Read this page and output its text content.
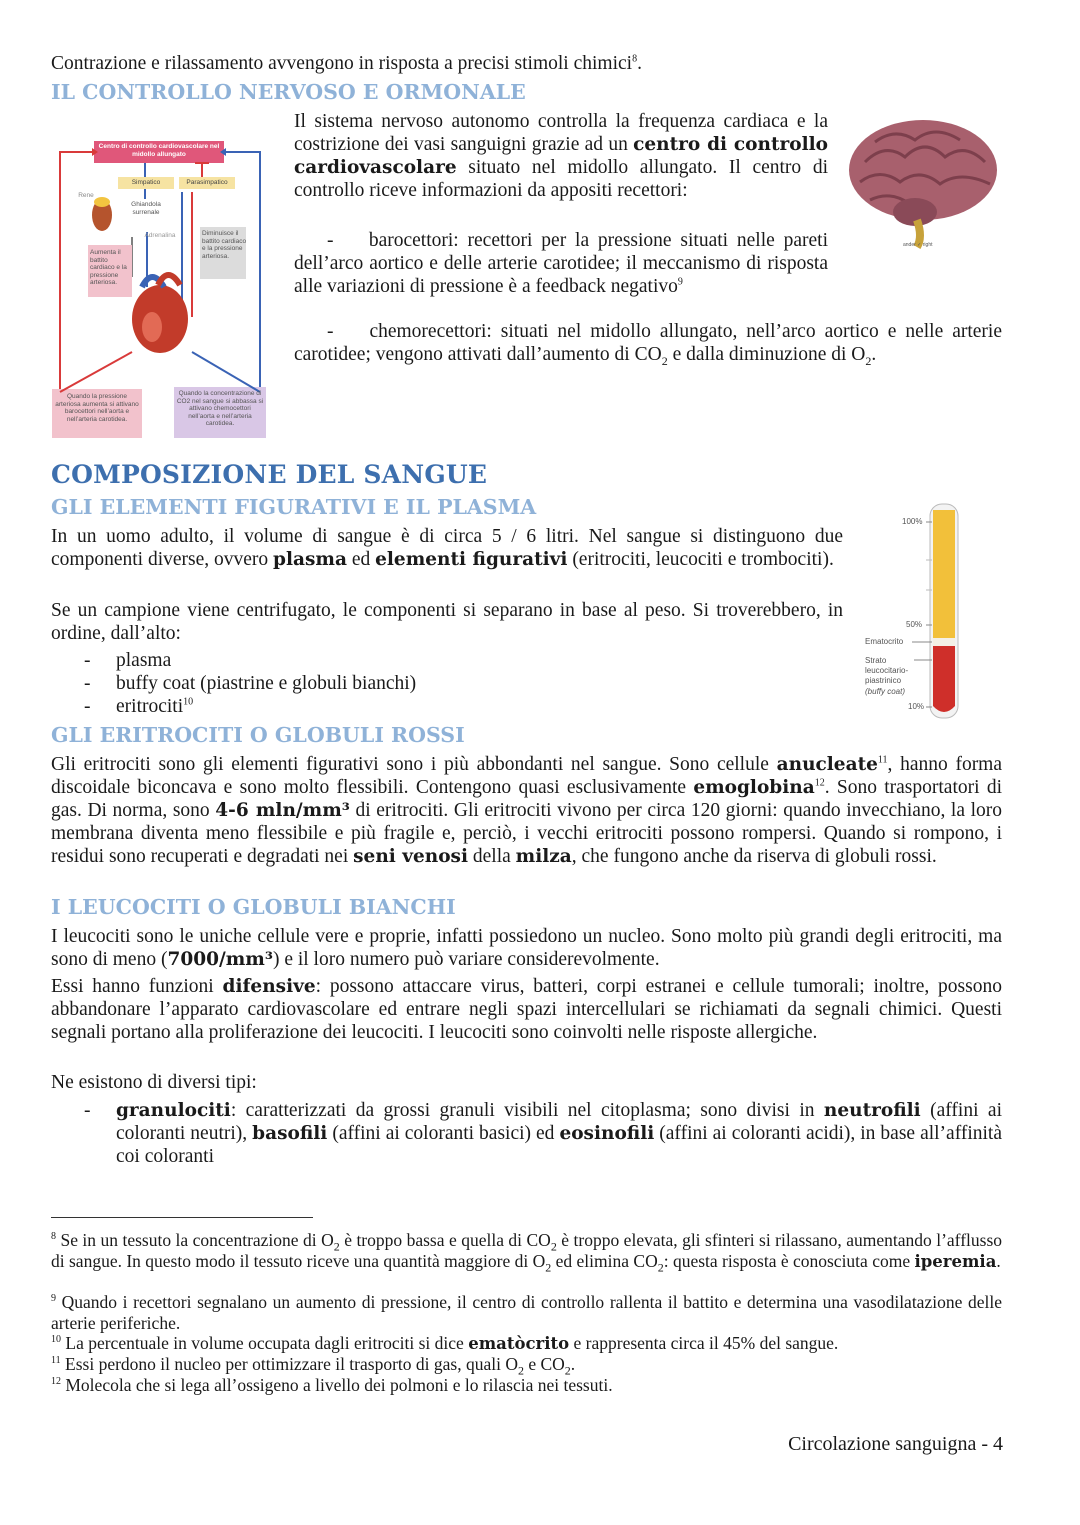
Contrazione e rilassamento avvengono in risposta a precisi stimoli chimici$^8$.
IL CONTROLLO NERVOSO E ORMONALE
Centro di controllo cardiovascolare nel midollo allungato
Simpatico	Parasimpatico
Rene
Ghiandola surrenale
Adrenalina
Aumenta il battito cardiaco e la pressione arteriosa.
Diminuisce il battito cardiaco e la pressione arteriosa.
Quando la pressione arteriosa aumenta si attivano barocettori nell’aorta e nell’arteria carotidea.
Quando la concentrazione di CO2 nel sangue si abbassa si attivano chemocettori nell’aorta e nell’arteria carotidea.
Il sistema nervoso autonomo controlla la frequenza cardiaca e la costrizione dei vasi sanguigni grazie ad un centro di controllo cardiovascolare situato nel midollo allungato. Il centro di controllo riceve informazioni da appositi recettori:
-    barocettori: recettori per la pressione situati nelle pareti dell’arco aortico e delle arterie carotidee; il meccanismo di risposta alle variazioni di pressione è a feedback negativo$^9$
-    chemorecettori: situati nel midollo allungato, nell’arco aortico e nelle arterie carotidee; vengono attivati dall’aumento di $CO_2$ e dalla diminuzione di $O_2$.
ander ✓ right
COMPOSIZIONE DEL SANGUE
GLI ELEMENTI FIGURATIVI E IL PLASMA
In un uomo adulto, il volume di sangue è di circa 5 / 6 litri. Nel sangue si distinguono due componenti diverse, ovvero plasma ed elementi figurativi (eritrociti, leucociti e trombociti).
Se un campione viene centrifugato, le componenti si separano in base al peso. Si troverebbero, in ordine, dall’alto:
- plasma
- buffy coat (piastrine e globuli bianchi)
- eritrociti$^{10}$
100%
50%
Ematocrito
Strato leucocitario-piastrinico
(buffy coat)
10%
GLI ERITROCITI O GLOBULI ROSSI
Gli eritrociti sono gli elementi figurativi sono i più abbondanti nel sangue. Sono cellule anucleate$^{11}$, hanno forma discoidale biconcava e sono molto flessibili. Contengono quasi esclusivamente emoglobina$^{12}$. Sono trasportatori di gas. Di norma, sono 4-6 mln/mm³ di eritrociti. Gli eritrociti vivono per circa 120 giorni: quando invecchiano, la loro membrana diventa meno flessibile e più fragile e, perciò, i vecchi eritrociti possono rompersi. Quando si rompono, i residui sono recuperati e degradati nei seni venosi della milza, che fungono anche da riserva di globuli rossi.
I LEUCOCITI O GLOBULI BIANCHI
I leucociti sono le uniche cellule vere e proprie, infatti possiedono un nucleo. Sono molto più grandi degli eritrociti, ma sono di meno (7000/mm³) e il loro numero può variare considerevolmente.
Essi hanno funzioni difensive: possono attaccare virus, batteri, corpi estranei e cellule tumorali; inoltre, possono abbandonare l’apparato cardiovascolare ed entrare negli spazi intercellulari se richiamati da segnali chimici. Questi segnali portano alla proliferazione dei leucociti. I leucociti sono coinvolti nelle risposte allergiche.
Ne esistono di diversi tipi:
- granulociti: caratterizzati da grossi granuli visibili nel citoplasma; sono divisi in neutrofili (affini ai coloranti neutri), basofili (affini ai coloranti basici) ed eosinofili (affini ai coloranti acidi), in base all’affinità coi coloranti
$^8$ Se in un tessuto la concentrazione di $O_2$ è troppo bassa e quella di $CO_2$ è troppo elevata, gli sfinteri si rilassano, aumentando l’afflusso di sangue. In questo modo il tessuto riceve una quantità maggiore di $O_2$ ed elimina $CO_2$: questa risposta è conosciuta come iperemia.
$^9$ Quando i recettori segnalano un aumento di pressione, il centro di controllo rallenta il battito e determina una vasodilatazione delle arterie periferiche.
$^{10}$ La percentuale in volume occupata dagli eritrociti si dice ematòcrito e rappresenta circa il 45% del sangue.
$^{11}$ Essi perdono il nucleo per ottimizzare il trasporto di gas, quali $O_2$ e $CO_2$.
$^{12}$ Molecola che si lega all’ossigeno a livello dei polmoni e lo rilascia nei tessuti.
Circolazione sanguigna - 4
